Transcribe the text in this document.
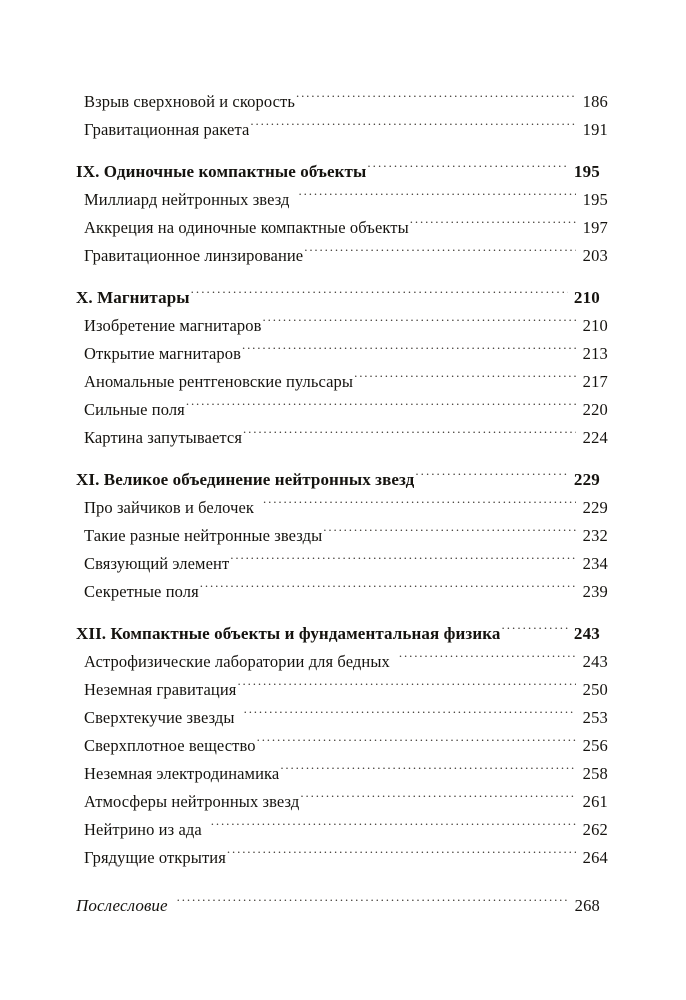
Взрыв сверхновой и скорость . . .	186
Гравитационная ракета . . .	191
IX. Одиночные компактные объекты . . .	195
Миллиард нейтронных звезд . . .	195
Аккреция на одиночные компактные объекты . . .	197
Гравитационное линзирование . . .	203
X. Магнитары . . .	210
Изобретение магнитаров . . .	210
Открытие магнитаров . . .	213
Аномальные рентгеновские пульсары . . .	217
Сильные поля . . .	220
Картина запутывается . . .	224
XI. Великое объединение нейтронных звезд . . .	229
Про зайчиков и белочек . . .	229
Такие разные нейтронные звезды . . .	232
Связующий элемент . . .	234
Секретные поля . . .	239
XII. Компактные объекты и фундаментальная физика . . .	243
Астрофизические лаборатории для бедных . . .	243
Неземная гравитация . . .	250
Сверхтекучие звезды . . .	253
Сверхплотное вещество . . .	256
Неземная электродинамика . . .	258
Атмосферы нейтронных звезд . . .	261
Нейтрино из ада . . .	262
Грядущие открытия . . .	264
Послесловие . . .	268
